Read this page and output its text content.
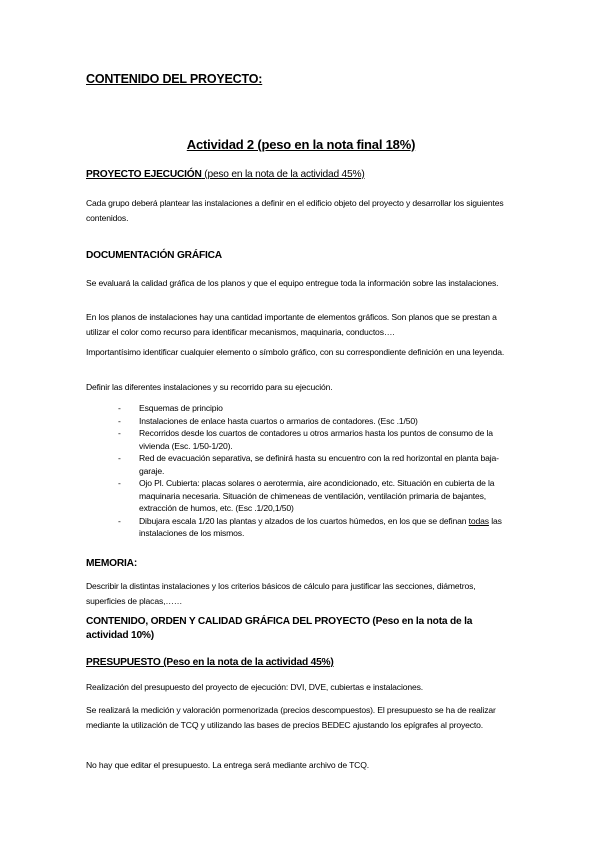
CONTENIDO DEL PROYECTO:

Actividad 2 (peso en la nota final 18%)

PROYECTO EJECUCIÓN (peso en la nota de la actividad 45%)

Cada grupo deberá plantear las instalaciones a definir en el edificio objeto del proyecto y desarrollar los siguientes contenidos.

DOCUMENTACIÓN GRÁFICA

Se evaluará la calidad gráfica de los planos y que el equipo entregue toda la información sobre las instalaciones.

En los planos de instalaciones hay una cantidad importante de elementos gráficos. Son planos que se prestan a utilizar el color como recurso para identificar mecanismos, maquinaria, conductos….

Importantísimo identificar cualquier elemento o símbolo gráfico, con su correspondiente definición en una leyenda.

Definir las diferentes instalaciones y su recorrido para su ejecución.

- Esquemas de principio
- Instalaciones de enlace hasta cuartos o armarios de contadores. (Esc .1/50)
- Recorridos desde los cuartos de contadores u otros armarios hasta los puntos de consumo de la vivienda (Esc. 1/50-1/20).
- Red de evacuación separativa, se definirá hasta su encuentro con la red horizontal en planta baja-garaje.
- Ojo Pl. Cubierta: placas solares o aerotermia, aire acondicionado, etc. Situación en cubierta de la maquinaria necesaria. Situación de chimeneas de ventilación, ventilación primaria de bajantes, extracción de humos, etc. (Esc .1/20,1/50)
- Dibujara escala 1/20 las plantas y alzados de los cuartos húmedos, en los que se definan todas las instalaciones de los mismos.

MEMORIA:

Describir la distintas instalaciones y los criterios básicos de cálculo para justificar las secciones, diámetros, superficies de placas,……

CONTENIDO, ORDEN Y CALIDAD GRÁFICA DEL PROYECTO (Peso en la nota de la actividad 10%)

PRESUPUESTO (Peso en la nota de la actividad 45%)

Realización del presupuesto del proyecto de ejecución: DVI, DVE, cubiertas e instalaciones.

Se realizará la medición y valoración pormenorizada (precios descompuestos). El presupuesto se ha de realizar mediante la utilización de TCQ y utilizando las bases de precios BEDEC ajustando los epígrafes al proyecto.

No hay que editar el presupuesto. La entrega será mediante archivo de TCQ.
